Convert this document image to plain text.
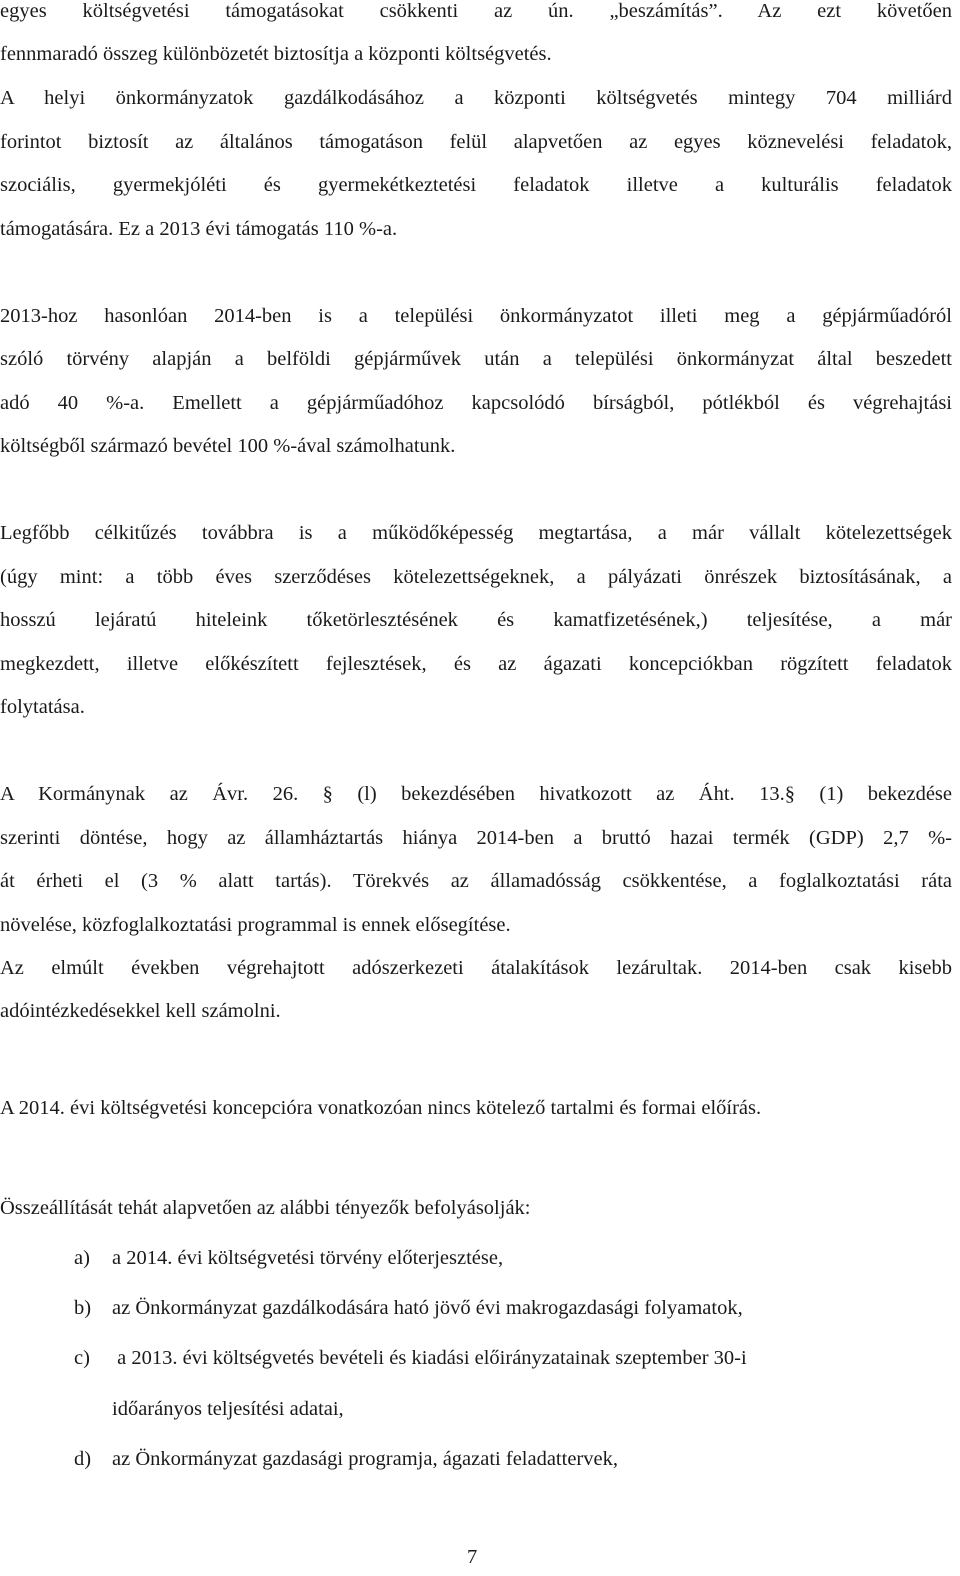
egyes költségvetési támogatásokat csökkenti az ún. „beszámítás”. Az ezt követően
fennmaradó összeg különbözetét biztosítja a központi költségvetés.
A helyi önkormányzatok gazdálkodásához a központi költségvetés mintegy 704 milliárd
forintot biztosít az általános támogatáson felül alapvetően az egyes köznevelési feladatok,
szociális, gyermekjóléti és gyermekétkeztetési feladatok illetve a kulturális feladatok
támogatására. Ez a 2013 évi támogatás 110 %-a.
2013-hoz hasonlóan 2014-ben is a települési önkormányzatot illeti meg a gépjárműadóról
szóló törvény alapján a belföldi gépjárművek után a települési önkormányzat által beszedett
adó 40 %-a. Emellett a gépjárműadóhoz kapcsolódó bírságból, pótlékból és végrehajtási
költségből származó bevétel 100 %-ával számolhatunk.
Legfőbb célkitűzés továbbra is a működőképesség megtartása, a már vállalt kötelezettségek
(úgy mint: a több éves szerződéses kötelezettségeknek, a pályázati önrészek biztosításának, a
hosszú lejáratú hiteleink tőketörlesztésének és kamatfizetésének,) teljesítése, a már
megkezdett, illetve előkészített fejlesztések, és az ágazati koncepciókban rögzített feladatok
folytatása.
A Kormánynak az Ávr. 26. § (l) bekezdésében hivatkozott az Áht. 13.§ (1) bekezdése
szerinti döntése, hogy az államháztartás hiánya 2014-ben a bruttó hazai termék (GDP) 2,7 %-
át érheti el (3 % alatt tartás). Törekvés az államadósság csökkentése, a foglalkoztatási ráta
növelése, közfoglalkoztatási programmal is ennek elősegítése.
Az elmúlt években végrehajtott adószerkezeti átalakítások lezárultak. 2014-ben csak kisebb
adóintézkedésekkel kell számolni.
A 2014. évi költségvetési koncepcióra vonatkozóan nincs kötelező tartalmi és formai előírás.
Összeállítását tehát alapvetően az alábbi tényezők befolyásolják:
a) a 2014. évi költségvetési törvény előterjesztése,
b) az Önkormányzat gazdálkodására ható jövő évi makrogazdasági folyamatok,
c) a 2013. évi költségvetés bevételi és kiadási előirányzatainak szeptember 30-i
időarányos teljesítési adatai,
d) az Önkormányzat gazdasági programja, ágazati feladattervek,
7
